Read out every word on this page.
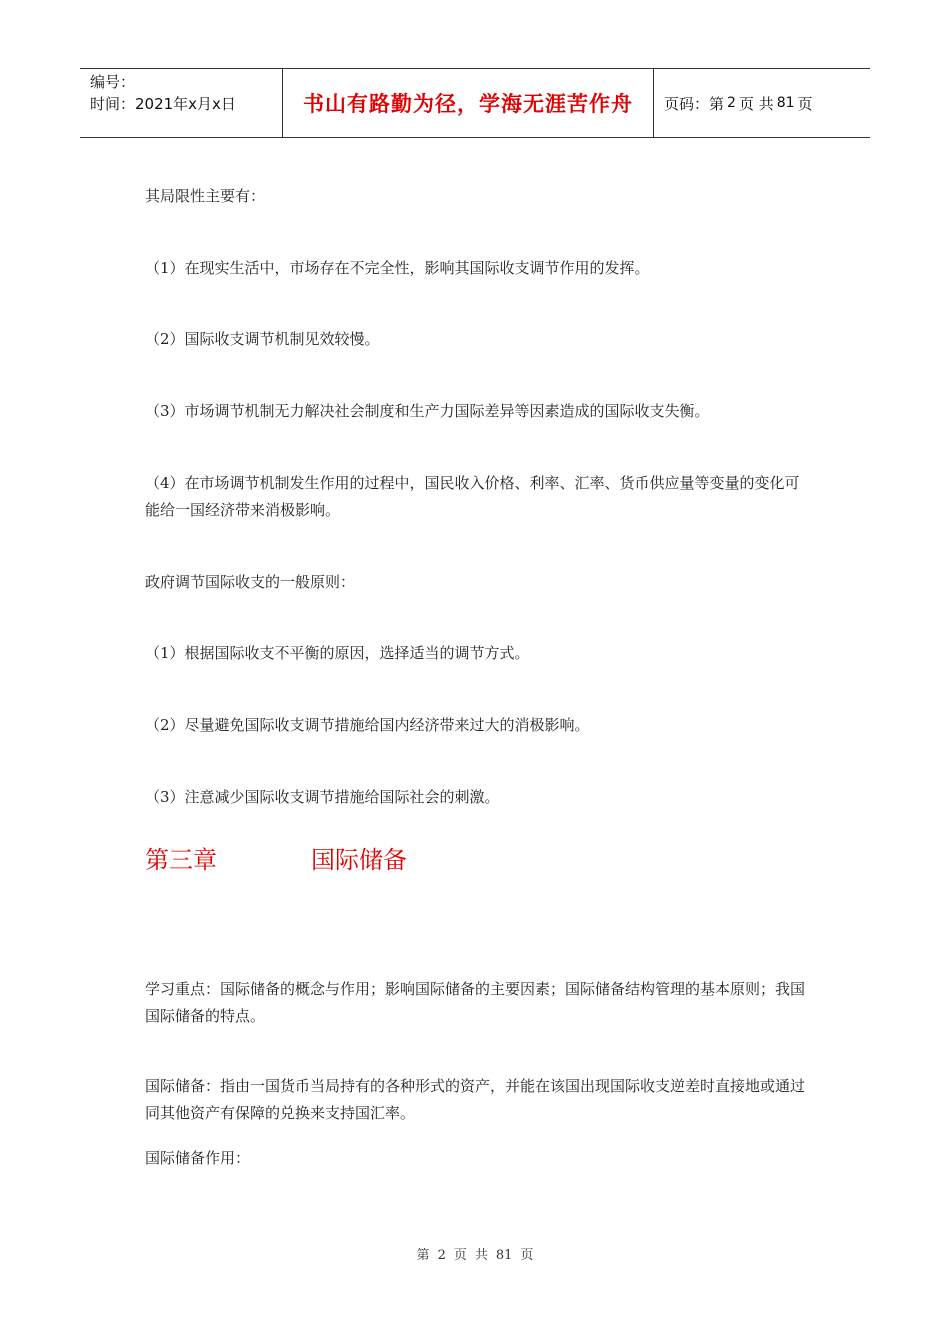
编号：
时间：2021年x月x日	书山有路勤为径，学海无涯苦作舟	页码：第 2 页 共 81 页

其局限性主要有：

（1）在现实生活中，市场存在不完全性，影响其国际收支调节作用的发挥。

（2）国际收支调节机制见效较慢。

（3）市场调节机制无力解决社会制度和生产力国际差异等因素造成的国际收支失衡。

（4）在市场调节机制发生作用的过程中，国民收入价格、利率、汇率、货币供应量等变量的变化可能给一国经济带来消极影响。

政府调节国际收支的一般原则：

（1）根据国际收支不平衡的原因，选择适当的调节方式。

（2）尽量避免国际收支调节措施给国内经济带来过大的消极影响。

（3）注意减少国际收支调节措施给国际社会的刺激。

学习重点：国际储备的概念与作用；影响国际储备的主要因素；国际储备结构管理的基本原则；我国国际储备的特点。

国际储备：指由一国货币当局持有的各种形式的资产，并能在该国出现国际收支逆差时直接地或通过同其他资产有保障的兑换来支持国汇率。

国际储备作用：

第三章	国际储备
第 2 页 共 81 页
